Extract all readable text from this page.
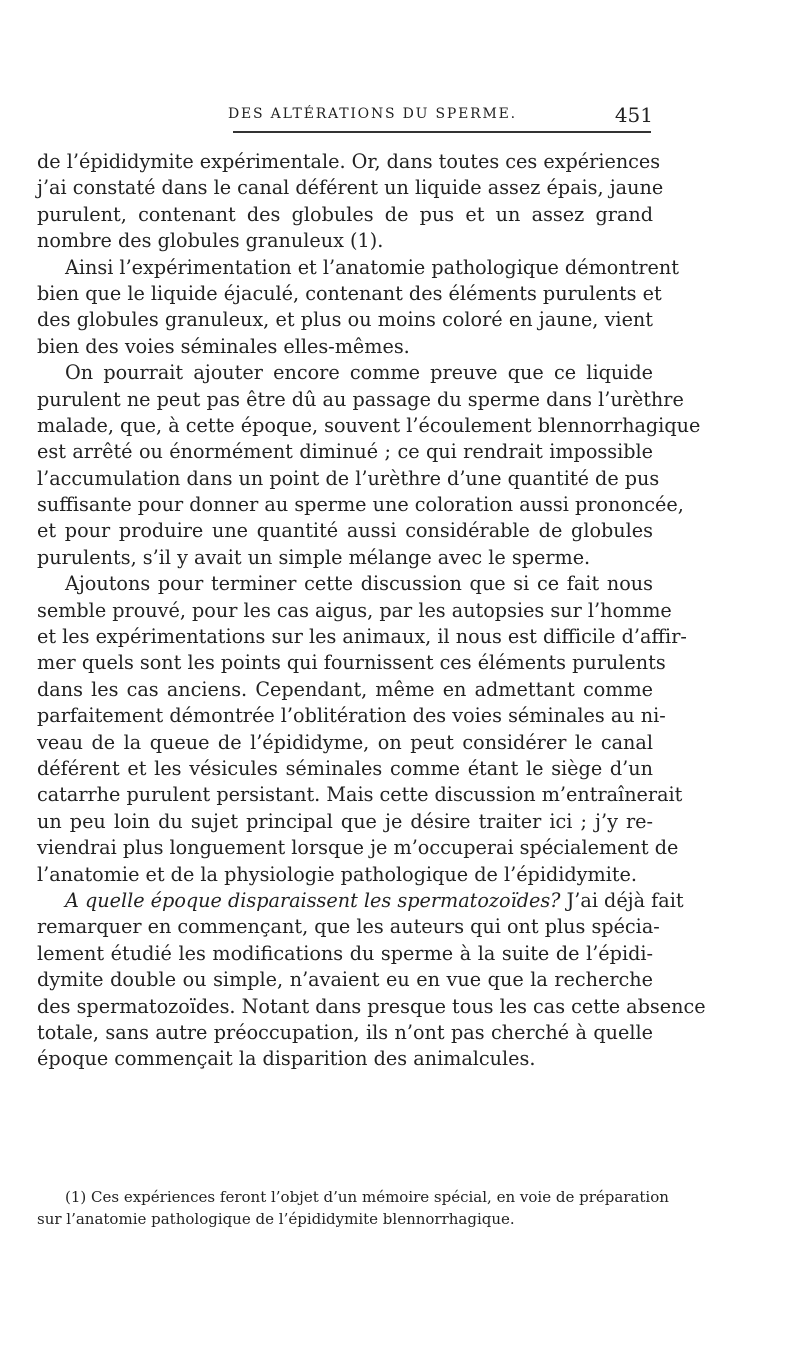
DES ALTÉRATIONS DU SPERME.	451
de l’épididymite expérimentale. Or, dans toutes ces expériences
j’ai constaté dans le canal déférent un liquide assez épais, jaune
purulent, contenant des globules de pus et un assez grand
nombre des globules granuleux (1).
Ainsi l’expérimentation et l’anatomie pathologique démontrent
bien que le liquide éjaculé, contenant des éléments purulents et
des globules granuleux, et plus ou moins coloré en jaune, vient
bien des voies séminales elles-mêmes.
On pourrait ajouter encore comme preuve que ce liquide
purulent ne peut pas être dû au passage du sperme dans l’urèthre
malade, que, à cette époque, souvent l’écoulement blennorrhagique
est arrêté ou énormément diminué ; ce qui rendrait impossible
l’accumulation dans un point de l’urèthre d’une quantité de pus
suffisante pour donner au sperme une coloration aussi prononcée,
et pour produire une quantité aussi considérable de globules
purulents, s’il y avait un simple mélange avec le sperme.
Ajoutons pour terminer cette discussion que si ce fait nous
semble prouvé, pour les cas aigus, par les autopsies sur l’homme
et les expérimentations sur les animaux, il nous est difficile d’affir-
mer quels sont les points qui fournissent ces éléments purulents
dans les cas anciens. Cependant, même en admettant comme
parfaitement démontrée l’oblitération des voies séminales au ni-
veau de la queue de l’épididyme, on peut considérer le canal
déférent et les vésicules séminales comme étant le siège d’un
catarrhe purulent persistant. Mais cette discussion m’entraînerait
un peu loin du sujet principal que je désire traiter ici ; j’y re-
viendrai plus longuement lorsque je m’occuperai spécialement de
l’anatomie et de la physiologie pathologique de l’épididymite.
A quelle époque disparaissent les spermatozoïdes? J’ai déjà fait
remarquer en commençant, que les auteurs qui ont plus spécia-
lement étudié les modifications du sperme à la suite de l’épidi-
dymite double ou simple, n’avaient eu en vue que la recherche
des spermatozoïdes. Notant dans presque tous les cas cette absence
totale, sans autre préoccupation, ils n’ont pas cherché à quelle
époque commençait la disparition des animalcules.
(1) Ces expériences feront l’objet d’un mémoire spécial, en voie de préparation
sur l’anatomie pathologique de l’épididymite blennorrhagique.
